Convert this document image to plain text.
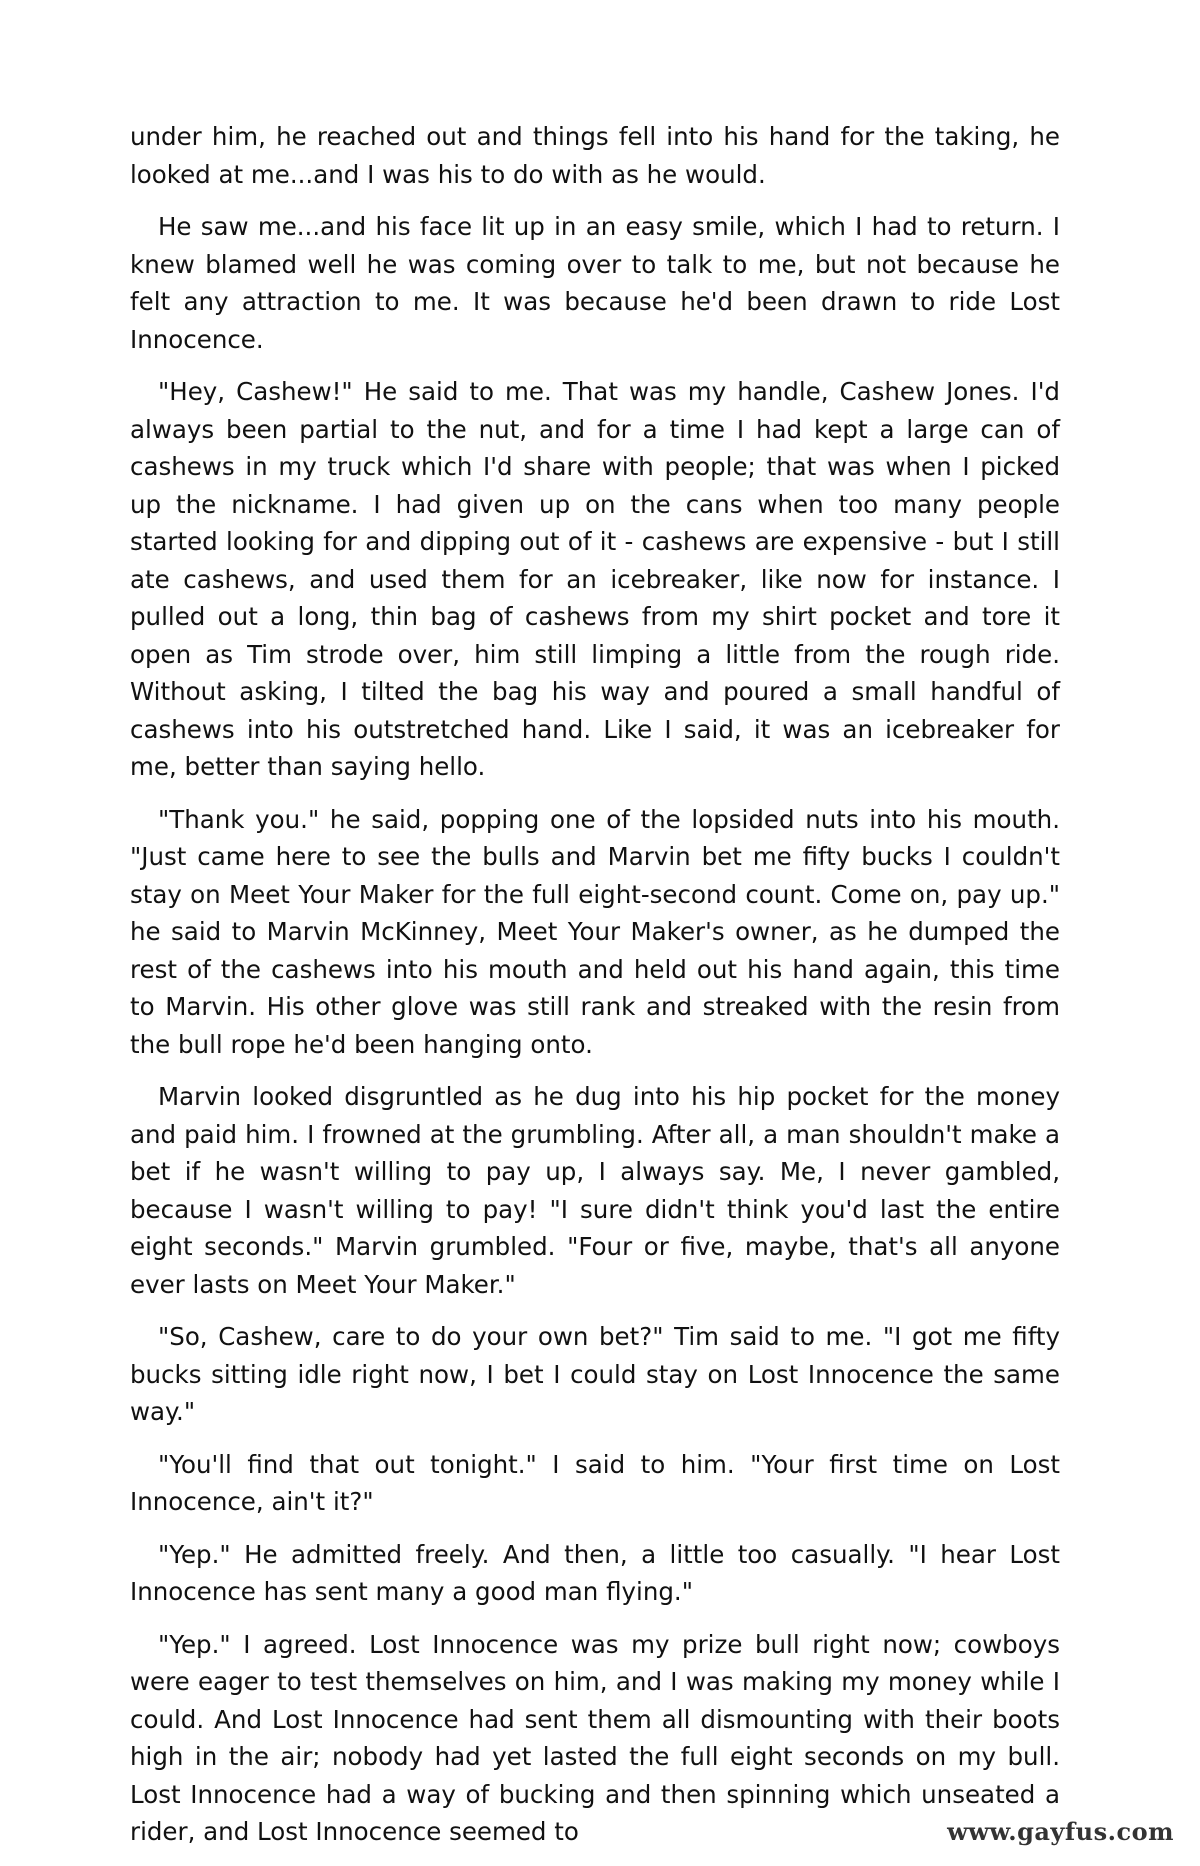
under him, he reached out and things fell into his hand for the taking, he looked at me...and I was his to do with as he would.

He saw me...and his face lit up in an easy smile, which I had to return. I knew blamed well he was coming over to talk to me, but not because he felt any attraction to me. It was because he'd been drawn to ride Lost Innocence.

"Hey, Cashew!" He said to me. That was my handle, Cashew Jones. I'd always been partial to the nut, and for a time I had kept a large can of cashews in my truck which I'd share with people; that was when I picked up the nickname. I had given up on the cans when too many people started looking for and dipping out of it - cashews are expensive - but I still ate cashews, and used them for an icebreaker, like now for instance. I pulled out a long, thin bag of cashews from my shirt pocket and tore it open as Tim strode over, him still limping a little from the rough ride. Without asking, I tilted the bag his way and poured a small handful of cashews into his outstretched hand. Like I said, it was an icebreaker for me, better than saying hello.

"Thank you." he said, popping one of the lopsided nuts into his mouth. "Just came here to see the bulls and Marvin bet me fifty bucks I couldn't stay on Meet Your Maker for the full eight-second count. Come on, pay up." he said to Marvin McKinney, Meet Your Maker's owner, as he dumped the rest of the cashews into his mouth and held out his hand again, this time to Marvin. His other glove was still rank and streaked with the resin from the bull rope he'd been hanging onto.

Marvin looked disgruntled as he dug into his hip pocket for the money and paid him. I frowned at the grumbling. After all, a man shouldn't make a bet if he wasn't willing to pay up, I always say. Me, I never gambled, because I wasn't willing to pay! "I sure didn't think you'd last the entire eight seconds." Marvin grumbled. "Four or five, maybe, that's all anyone ever lasts on Meet Your Maker."

"So, Cashew, care to do your own bet?" Tim said to me. "I got me fifty bucks sitting idle right now, I bet I could stay on Lost Innocence the same way."

"You'll find that out tonight." I said to him. "Your first time on Lost Innocence, ain't it?"

"Yep." He admitted freely. And then, a little too casually. "I hear Lost Innocence has sent many a good man flying."

"Yep." I agreed. Lost Innocence was my prize bull right now; cowboys were eager to test themselves on him, and I was making my money while I could. And Lost Innocence had sent them all dismounting with their boots high in the air; nobody had yet lasted the full eight seconds on my bull. Lost Innocence had a way of bucking and then spinning which unseated a rider, and Lost Innocence seemed to	www.gayfus.com
